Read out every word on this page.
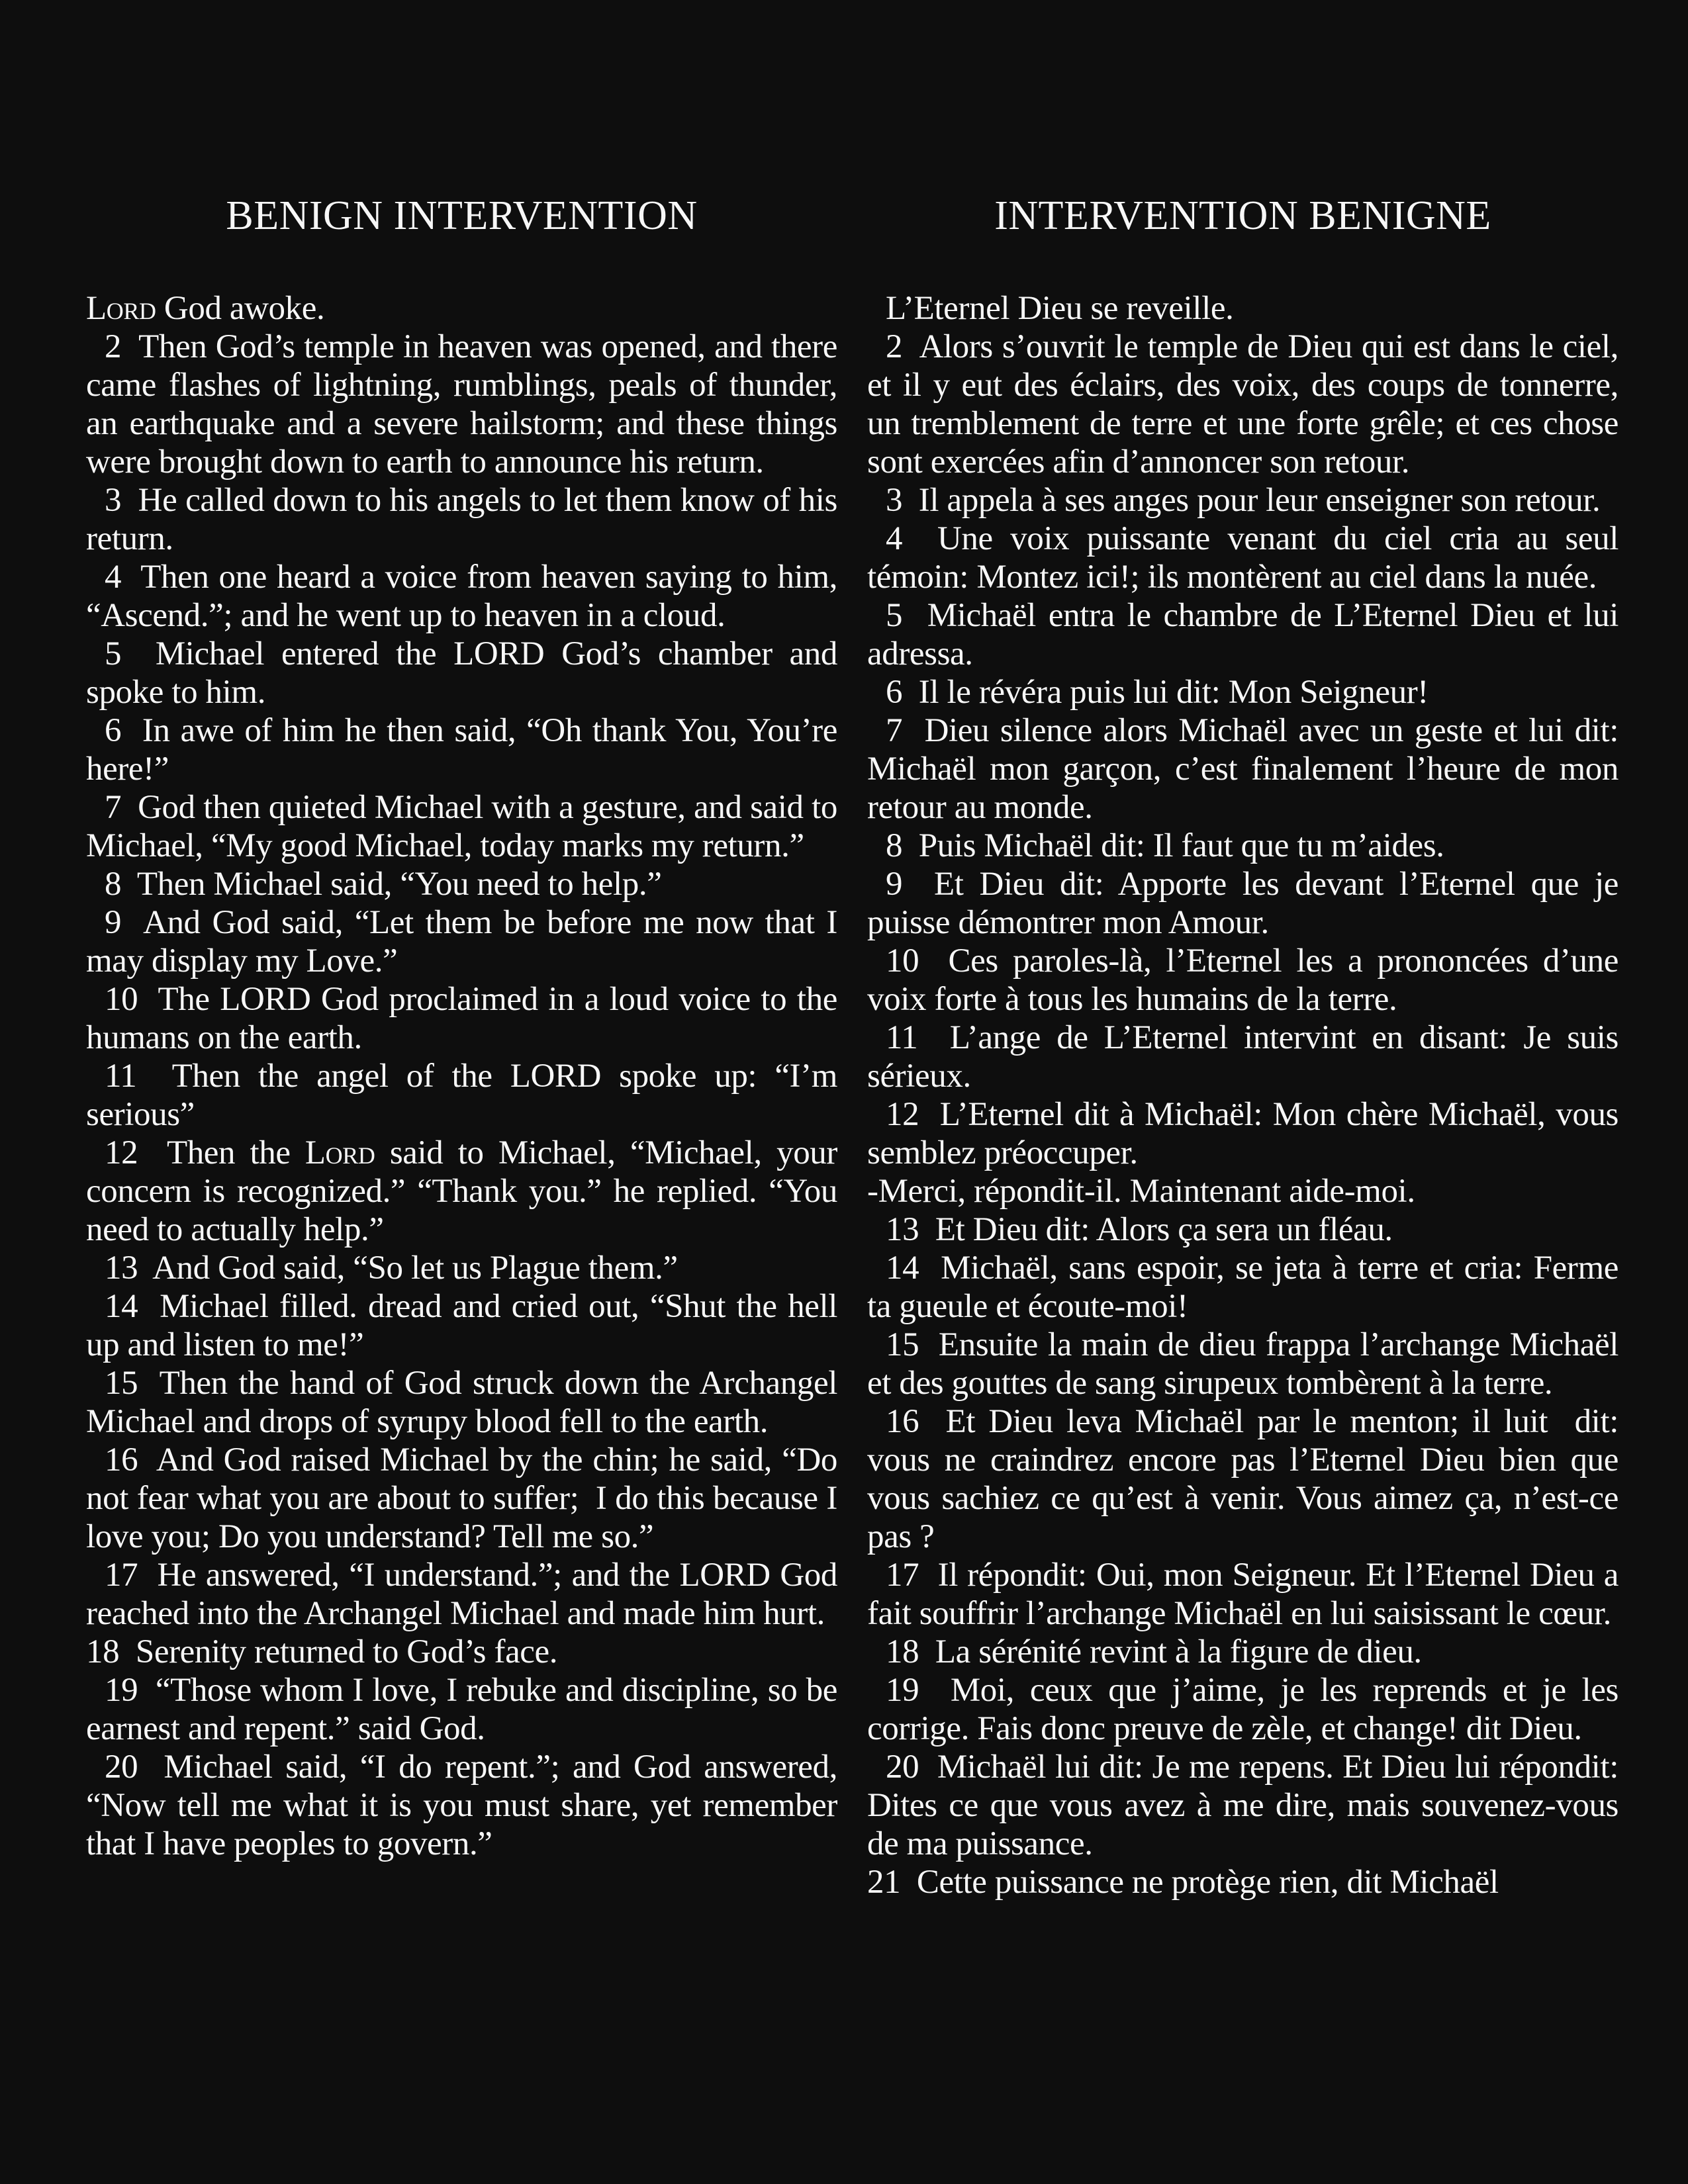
BENIGN INTERVENTION

Lord God awoke.

2  Then God’s temple in heaven was opened, and there came flashes of lightning, rumblings, peals of thunder, an earthquake and a severe hailstorm; and these things were brought down to earth to announce his return.

3  He called down to his angels to let them know of his return.

4  Then one heard a voice from heaven saying to him, “Ascend.”; and he went up to heaven in a cloud.

5  Michael entered the LORD God’s chamber and spoke to him.

6  In awe of him he then said, “Oh thank You, You’re here!”

7  God then quieted Michael with a gesture, and said to Michael, “My good Michael, today marks my return.”

8  Then Michael said, “You need to help.”

9  And God said, “Let them be before me now that I may display my Love.”

10  The LORD God proclaimed in a loud voice to the humans on the earth.

11  Then the angel of the LORD spoke up: “I’m serious”

12  Then the Lord said to Michael, “Michael, your concern is recognized.” “Thank you.” he replied. “You need to actually help.”

13  And God said, “So let us Plague them.”

14  Michael filled. dread and cried out, “Shut the hell up and listen to me!”

15  Then the hand of God struck down the Archangel Michael and drops of syrupy blood fell to the earth.

16  And God raised Michael by the chin; he said, “Do not fear what you are about to suffer;  I do this because I love you; Do you understand? Tell me so.”

17  He answered, “I understand.”; and the LORD God reached into the Archangel Michael and made him hurt.

18  Serenity returned to God’s face.

19  “Those whom I love, I rebuke and discipline, so be earnest and repent.” said God.

20  Michael said, “I do repent.”; and God answered, “Now tell me what it is you must share, yet remember that I have peoples to govern.”

INTERVENTION BENIGNE

L’Eternel Dieu se reveille.

2  Alors s’ouvrit le temple de Dieu qui est dans le ciel, et il y eut des éclairs, des voix, des coups de tonnerre, un tremblement de terre et une forte grêle; et ces chose sont exercées afin d’annoncer son retour.

3  Il appela à ses anges pour leur enseigner son retour.

4  Une voix puissante venant du ciel cria au seul témoin: Montez ici!; ils montèrent au ciel dans la nuée.

5  Michaël entra le chambre de L’Eternel Dieu et lui adressa.

6  Il le révéra puis lui dit: Mon Seigneur!

7  Dieu silence alors Michaël avec un geste et lui dit: Michaël mon garçon, c’est finalement l’heure de mon retour au monde.

8  Puis Michaël dit: Il faut que tu m’aides.

9  Et Dieu dit: Apporte les devant l’Eternel que je puisse démontrer mon Amour.

10  Ces paroles-là, l’Eternel les a prononcées d’une voix forte à tous les humains de la terre.

11  L’ange de L’Eternel intervint en disant: Je suis sérieux.

12  L’Eternel dit à Michaël: Mon chère Michaël, vous semblez préoccuper.

-Merci, répondit-il. Maintenant aide-moi.

13  Et Dieu dit: Alors ça sera un fléau.

14  Michaël, sans espoir, se jeta à terre et cria: Ferme ta gueule et écoute-moi!

15  Ensuite la main de dieu frappa l’archange Michaël et des gouttes de sang sirupeux tombèrent à la terre.

16  Et Dieu leva Michaël par le menton; il luit  dit: vous ne craindrez encore pas l’Eternel Dieu bien que vous sachiez ce qu’est à venir. Vous aimez ça, n’est-ce pas ?

17  Il répondit: Oui, mon Seigneur. Et l’Eternel Dieu a fait souffrir l’archange Michaël en lui saisissant le cœur.

18  La sérénité revint à la figure de dieu.

19  Moi, ceux que j’aime, je les reprends et je les corrige. Fais donc preuve de zèle, et change! dit Dieu.

20  Michaël lui dit: Je me repens. Et Dieu lui répondit: Dites ce que vous avez à me dire, mais souvenez-vous de ma puissance.

21  Cette puissance ne protège rien, dit Michaël
